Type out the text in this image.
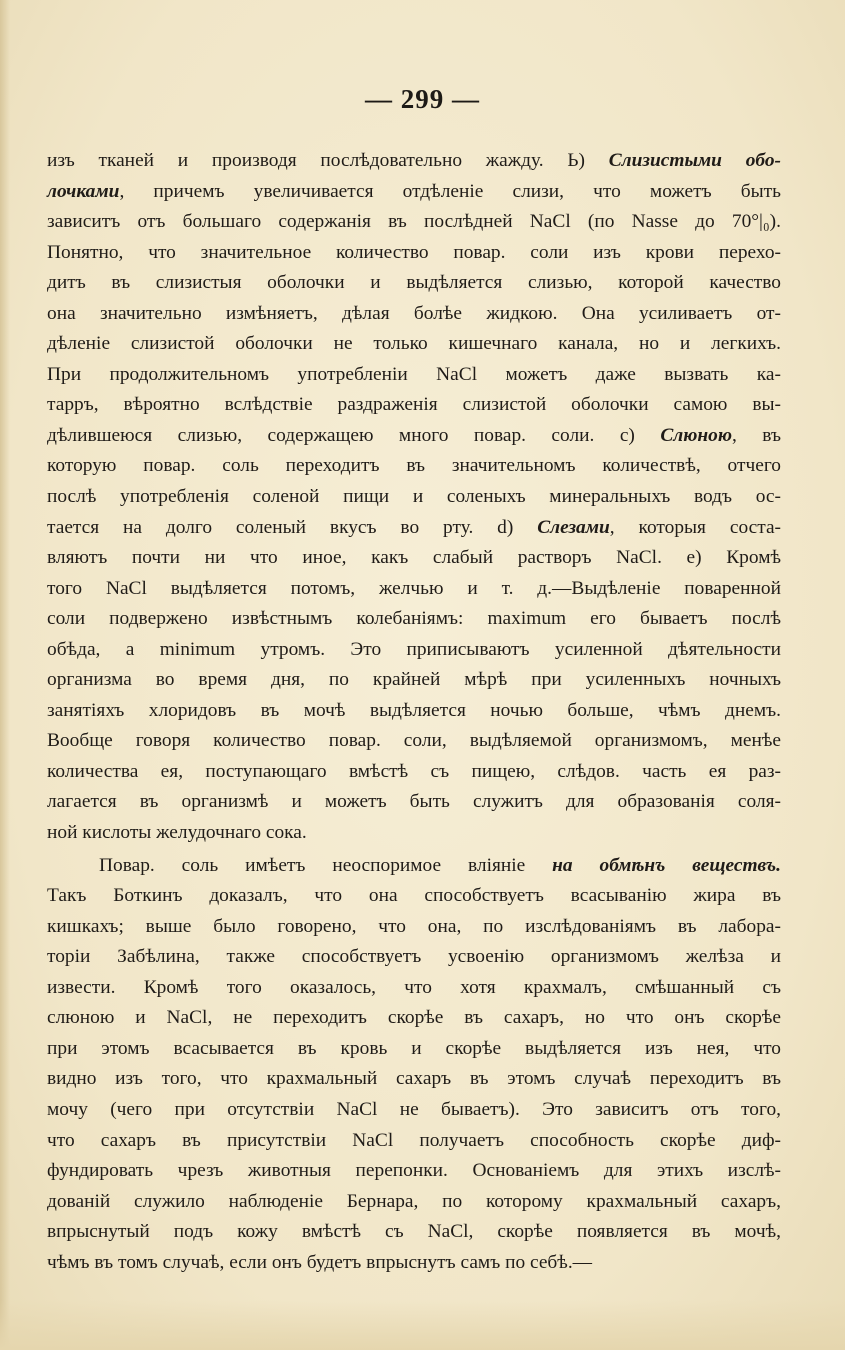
— 299 —
изъ тканей и производя послѣдовательно жажду. Ь) Слизистыми обо-
лочками, причемъ увеличивается отдѣленіе слизи, что можетъ быть
зависитъ отъ большаго содержанія въ послѣдней NaCl (по Nasse до 70°|₀).
Понятно, что значительное количество повар. соли изъ крови перехо-
дитъ въ слизистыя оболочки и выдѣляется слизью, которой качество
она значительно измѣняетъ, дѣлая болѣе жидкою. Она усиливаетъ от-
дѣленіе слизистой оболочки не только кишечнаго канала, но и легкихъ.
При продолжительномъ употребленіи NaCl можетъ даже вызвать ка-
тарръ, вѣроятно вслѣдствіе раздраженія слизистой оболочки самою вы-
дѣлившеюся слизью, содержащею много повар. соли. c) Слюною, въ
которую повар. соль переходитъ въ значительномъ количествѣ, отчего
послѣ употребленія соленой пищи и соленыхъ минеральныхъ водъ ос-
тается на долго соленый вкусъ во рту. d) Слезами, которыя соста-
вляютъ почти ни что иное, какъ слабый растворъ NaCl. e) Кромѣ
того NaCl выдѣляется потомъ, желчью и т. д.—Выдѣленіе поваренной
соли подвержено извѣстнымъ колебаніямъ: maximum его бываетъ послѣ
обѣда, а minimum утромъ. Это приписываютъ усиленной дѣятельности
организма во время дня, по крайней мѣрѣ при усиленныхъ ночныхъ
занятіяхъ хлоридовъ въ мочѣ выдѣляется ночью больше, чѣмъ днемъ.
Вообще говоря количество повар. соли, выдѣляемой организмомъ, менѣе
количества ея, поступающаго вмѣстѣ съ пищею, слѣдов. часть ея раз-
лагается въ организмѣ и можетъ быть служитъ для образованія соля-
ной кислоты желудочнаго сока.
Повар. соль имѣетъ неоспоримое вліяніе на обмѣнъ веществъ.
Такъ Боткинъ доказалъ, что она способствуетъ всасыванію жира въ
кишкахъ; выше было говорено, что она, по изслѣдованіямъ въ лабора-
торіи Забѣлина, также способствуетъ усвоенію организмомъ желѣза и
извести. Кромѣ того оказалось, что хотя крахмалъ, смѣшанный съ
слюною и NaCl, не переходитъ скорѣе въ сахаръ, но что онъ скорѣе
при этомъ всасывается въ кровь и скорѣе выдѣляется изъ нея, что
видно изъ того, что крахмальный сахаръ въ этомъ случаѣ переходитъ въ
мочу (чего при отсутствіи NaCl не бываетъ). Это зависитъ отъ того,
что сахаръ въ присутствіи NaCl получаетъ способность скорѣе диф-
фундировать чрезъ животныя перепонки. Основаніемъ для этихъ изслѣ-
дованій служило наблюденіе Бернара, по которому крахмальный сахаръ,
впрыснутый подъ кожу вмѣстѣ съ NaCl, скорѣе появляется въ мочѣ,
чѣмъ въ томъ случаѣ, если онъ будетъ впрыснутъ самъ по себѣ.—
